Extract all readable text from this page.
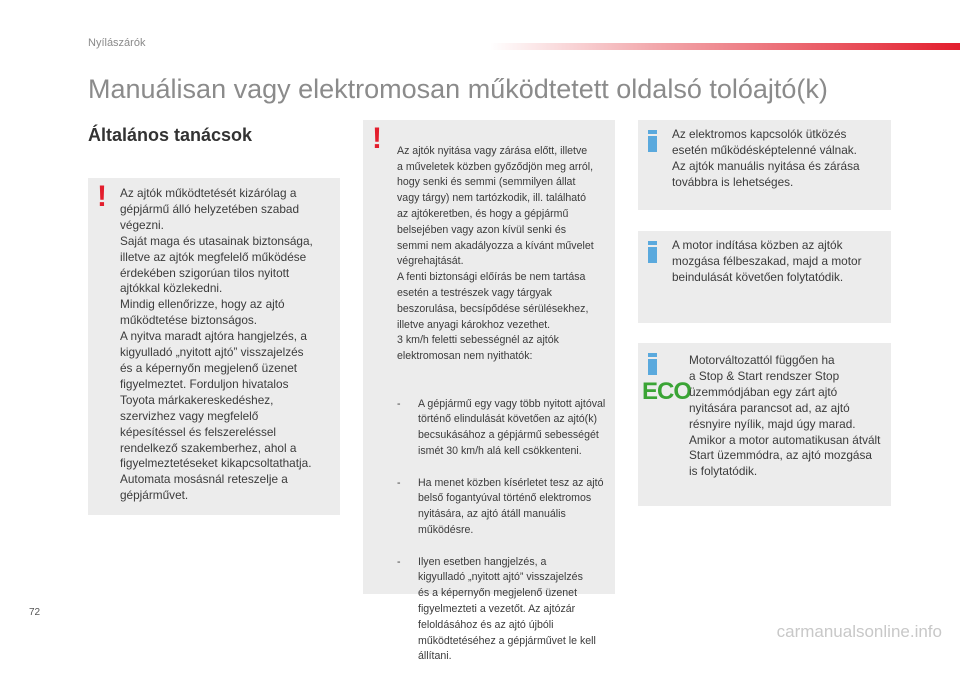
Nyílászárók
Manuálisan vagy elektromosan működtetett oldalsó tolóajtó(k)
Általános tanácsok
! Az ajtók működtetését kizárólag a
gépjármű álló helyzetében szabad
végezni.
Saját maga és utasainak biztonsága,
illetve az ajtók megfelelő működése
érdekében szigorúan tilos nyitott
ajtókkal közlekedni.
Mindig ellenőrizze, hogy az ajtó
működtetése biztonságos.
A nyitva maradt ajtóra hangjelzés, a
kigyulladó „nyitott ajtó” visszajelzés
és a képernyőn megjelenő üzenet
figyelmeztet. Forduljon hivatalos
Toyota márkakereskedéshez,
szervizhez vagy megfelelő
képesítéssel és felszereléssel
rendelkező szakemberhez, ahol a
figyelmeztetéseket kikapcsoltathatja.
Automata mosásnál reteszelje a
gépjárművet.
! Az ajtók nyitása vagy zárása előtt, illetve
a műveletek közben győződjön meg arról,
hogy senki és semmi (semmilyen állat
vagy tárgy) nem tartózkodik, ill. található
az ajtókeretben, és hogy a gépjármű
belsejében vagy azon kívül senki és
semmi nem akadályozza a kívánt művelet
végrehajtását.
A fenti biztonsági előírás be nem tartása
esetén a testrészek vagy tárgyak
beszorulása, becsípődése sérülésekhez,
illetve anyagi károkhoz vezethet.
3 km/h feletti sebességnél az ajtók
elektromosan nem nyithatók:

- A gépjármű egy vagy több nyitott ajtóval
történő elindulását követően az ajtó(k)
becsukásához a gépjármű sebességét
ismét 30 km/h alá kell csökkenteni.

- Ha menet közben kísérletet tesz az ajtó
belső fogantyúval történő elektromos
nyitására, az ajtó átáll manuális
működésre.

- Ilyen esetben hangjelzés, a
kigyulladó „nyitott ajtó” visszajelzés
és a képernyőn megjelenő üzenet
figyelmezteti a vezetőt. Az ajtózár
feloldásához és az ajtó újbóli
működtetéséhez a gépjárművet le kell
állítani.

Az elektromos kapcsolók ütközés
esetén működésképtelenné válnak.
Az ajtók manuális nyitása és zárása
továbbra is lehetséges.
A motor indítása közben az ajtók
mozgása félbeszakad, majd a motor
beindulását követően folytatódik.
ECO
Motorváltozattól függően ha
a Stop & Start rendszer Stop
üzemmódjában egy zárt ajtó
nyitására parancsot ad, az ajtó
résnyire nyílik, majd úgy marad.
Amikor a motor automatikusan átvált
Start üzemmódra, az ajtó mozgása
is folytatódik.
72
carmanualsonline.info
